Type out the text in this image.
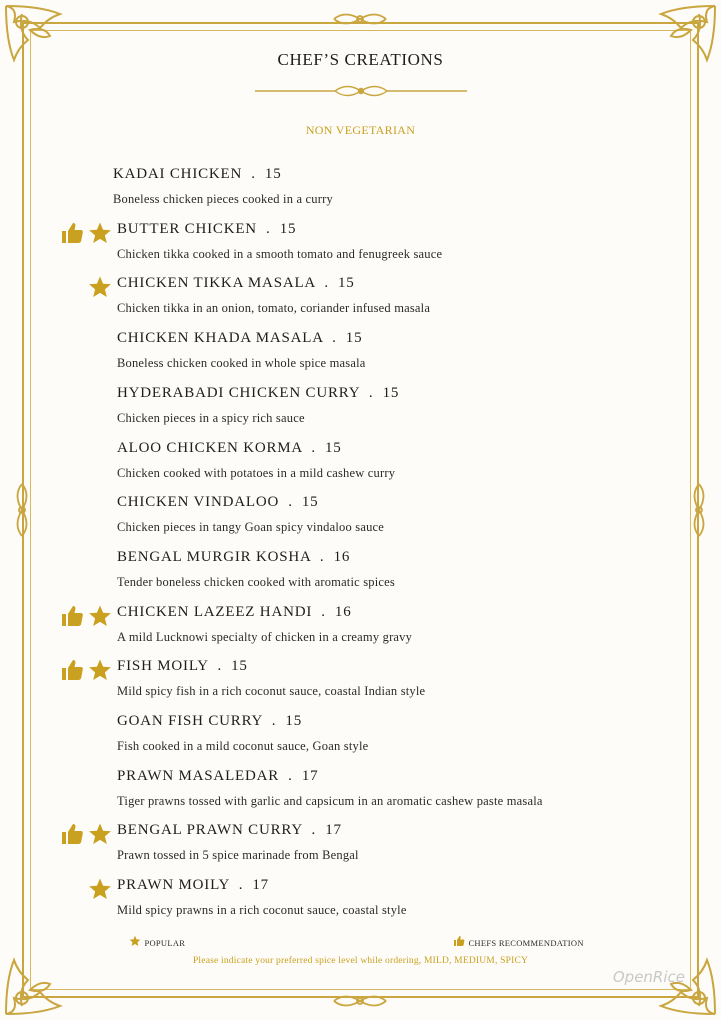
CHEF’S CREATIONS
NON VEGETARIAN
KADAI CHICKEN  .  15
Boneless chicken pieces cooked in a curry
BUTTER CHICKEN  .  15
Chicken tikka cooked in a smooth tomato and fenugreek sauce
CHICKEN TIKKA MASALA  .  15
Chicken tikka in an onion, tomato, coriander infused masala
CHICKEN KHADA MASALA  .  15
Boneless chicken cooked in whole spice masala
HYDERABADI CHICKEN CURRY  .  15
Chicken pieces in a spicy rich sauce
ALOO CHICKEN KORMA  .  15
Chicken cooked with potatoes in a mild cashew curry
CHICKEN VINDALOO  .  15
Chicken pieces in tangy Goan spicy vindaloo sauce
BENGAL MURGIR KOSHA  .  16
Tender boneless chicken cooked with aromatic spices
CHICKEN LAZEEZ HANDI  .  16
A mild Lucknowi specialty of chicken in a creamy gravy
FISH MOILY  .  15
Mild spicy fish in a rich coconut sauce, coastal Indian style
GOAN FISH CURRY  .  15
Fish cooked in a mild coconut sauce, Goan style
PRAWN MASALEDAR  .  17
Tiger prawns tossed with garlic and capsicum in an aromatic cashew paste masala
BENGAL PRAWN CURRY  .  17
Prawn tossed in 5 spice marinade from Bengal
PRAWN MOILY  .  17
Mild spicy prawns in a rich coconut sauce, coastal style
POPULAR	CHEFS RECOMMENDATION
Please indicate your preferred spice level while ordering, MILD, MEDIUM, SPICY
OpenRice
